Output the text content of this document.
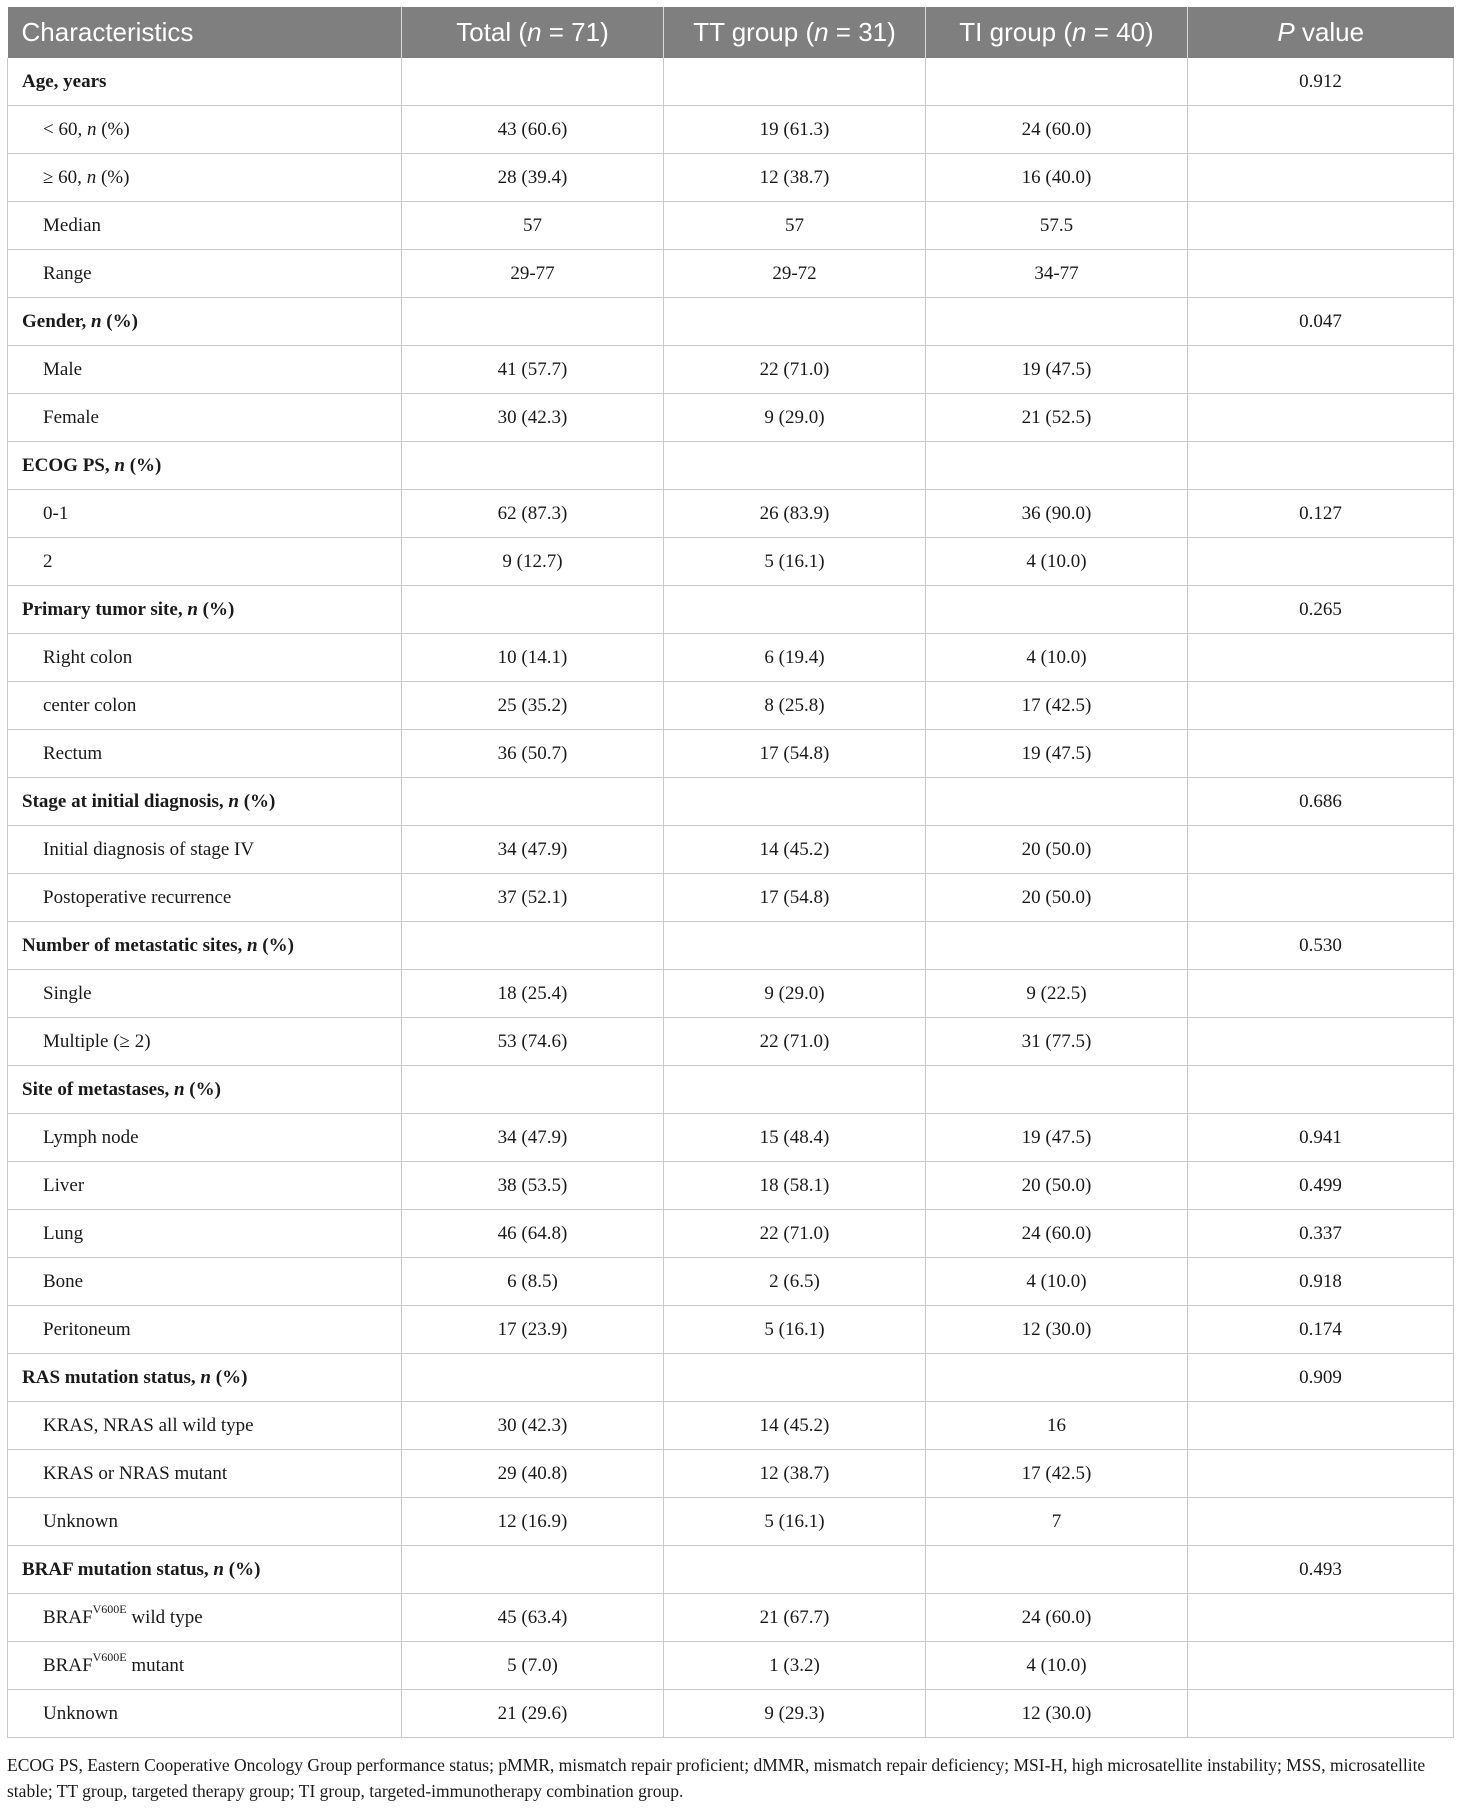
Characteristics	Total (n = 71)	TT group (n = 31)	TI group (n = 40)	P value
Age, years				0.912
< 60, n (%)	43 (60.6)	19 (61.3)	24 (60.0)	
≥ 60, n (%)	28 (39.4)	12 (38.7)	16 (40.0)	
Median	57	57	57.5	
Range	29-77	29-72	34-77	
Gender, n (%)				0.047
Male	41 (57.7)	22 (71.0)	19 (47.5)	
Female	30 (42.3)	9 (29.0)	21 (52.5)	
ECOG PS, n (%)				
0-1	62 (87.3)	26 (83.9)	36 (90.0)	0.127
2	9 (12.7)	5 (16.1)	4 (10.0)	
Primary tumor site, n (%)				0.265
Right colon	10 (14.1)	6 (19.4)	4 (10.0)	
center colon	25 (35.2)	8 (25.8)	17 (42.5)	
Rectum	36 (50.7)	17 (54.8)	19 (47.5)	
Stage at initial diagnosis, n (%)				0.686
Initial diagnosis of stage IV	34 (47.9)	14 (45.2)	20 (50.0)	
Postoperative recurrence	37 (52.1)	17 (54.8)	20 (50.0)	
Number of metastatic sites, n (%)				0.530
Single	18 (25.4)	9 (29.0)	9 (22.5)	
Multiple (≥ 2)	53 (74.6)	22 (71.0)	31 (77.5)	
Site of metastases, n (%)				
Lymph node	34 (47.9)	15 (48.4)	19 (47.5)	0.941
Liver	38 (53.5)	18 (58.1)	20 (50.0)	0.499
Lung	46 (64.8)	22 (71.0)	24 (60.0)	0.337
Bone	6 (8.5)	2 (6.5)	4 (10.0)	0.918
Peritoneum	17 (23.9)	5 (16.1)	12 (30.0)	0.174
RAS mutation status, n (%)				0.909
KRAS, NRAS all wild type	30 (42.3)	14 (45.2)	16	
KRAS or NRAS mutant	29 (40.8)	12 (38.7)	17 (42.5)	
Unknown	12 (16.9)	5 (16.1)	7	
BRAF mutation status, n (%)				0.493
$BRAF^{V600E}$ wild type	45 (63.4)	21 (67.7)	24 (60.0)	
$BRAF^{V600E}$ mutant	5 (7.0)	1 (3.2)	4 (10.0)	
Unknown	21 (29.6)	9 (29.3)	12 (30.0)	
ECOG PS, Eastern Cooperative Oncology Group performance status; pMMR, mismatch repair proficient; dMMR, mismatch repair deficiency; MSI-H, high microsatellite instability; MSS, microsatellite stable; TT group, targeted therapy group; TI group, targeted-immunotherapy combination group.
